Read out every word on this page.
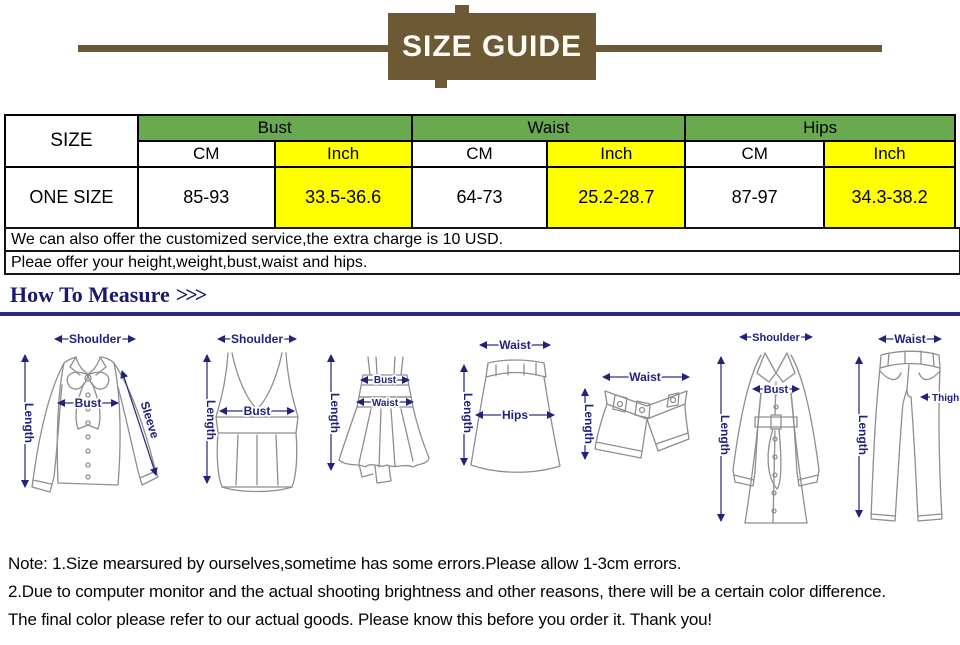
SIZE GUIDE
SIZE	Bust		Waist		Hips	
	CM	Inch	CM	Inch	CM	Inch
ONE SIZE	85-93	33.5-36.6	64-73	25.2-28.7	87-97	34.3-38.2
We can also offer the customized service,the extra charge is 10 USD.
Pleae offer your height,weight,bust,waist and hips.
How To Measure >>>
Shoulder
Length	Bust	Sleeve
Shoulder
Length Bust	Length
Bust
Waist
Waist
Length Hips
Waist
Length
Shoulder
Length
Bust
Waist
Length
Thigh
Note: 1.Size mearsured by ourselves,sometime has some errors.Please allow 1-3cm errors.
2.Due to computer monitor and the actual shooting brightness and other reasons, there will be a certain color difference.
The final color please refer to our actual goods. Please know this before you order it. Thank you!
